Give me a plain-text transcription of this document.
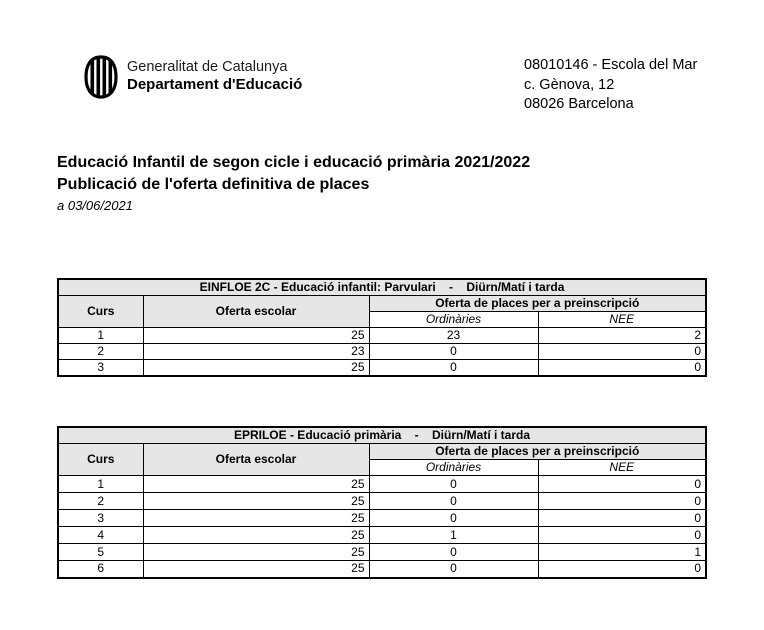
Generalitat de Catalunya
Departament d'Educació
08010146 - Escola del Mar
c. Gènova, 12
08026 Barcelona
Educació Infantil de segon cicle i educació primària 2021/2022
Publicació de l'oferta definitiva de places
a 03/06/2021
EINFLOE 2C - Educació infantil: Parvulari    -    Diürn/Matí i tarda			
Curs	Oferta escolar	Oferta de places per a preinscripció	
		Ordinàries	NEE
1	25	23	2
2	23	0	0
3	25	0	0
EPRILOE - Educació primària    -    Diürn/Matí i tarda			
Curs	Oferta escolar	Oferta de places per a preinscripció	
		Ordinàries	NEE
1	25	0	0
2	25	0	0
3	25	0	0
4	25	1	0
5	25	0	1
6	25	0	0
